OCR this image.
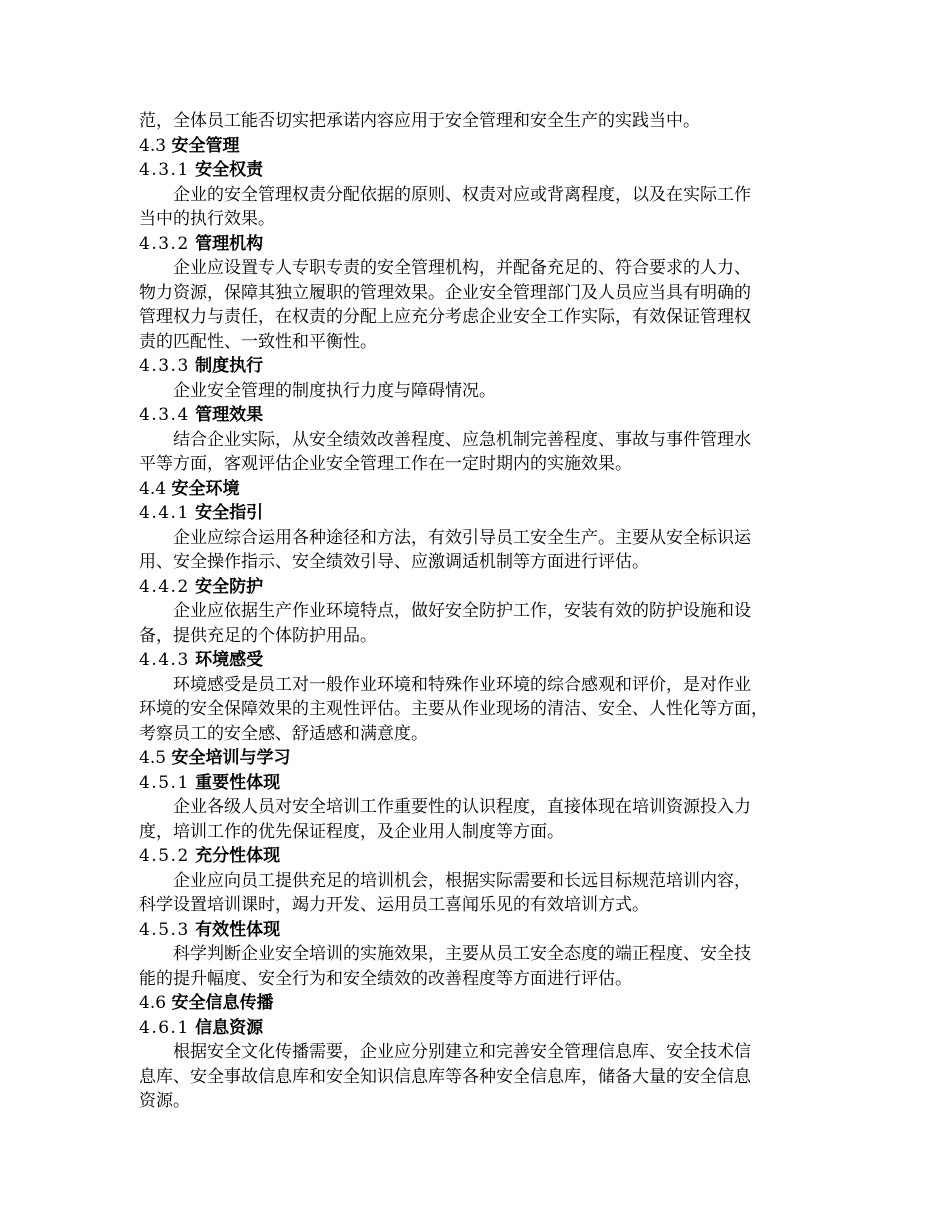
范，全体员工能否切实把承诺内容应用于安全管理和安全生产的实践当中。
4.3 安全管理
4.3.1 安全权责
企业的安全管理权责分配依据的原则、权责对应或背离程度，以及在实际工作
当中的执行效果。
4.3.2 管理机构
企业应设置专人专职专责的安全管理机构，并配备充足的、符合要求的人力、
物力资源，保障其独立履职的管理效果。企业安全管理部门及人员应当具有明确的
管理权力与责任，在权责的分配上应充分考虑企业安全工作实际，有效保证管理权
责的匹配性、一致性和平衡性。
4.3.3 制度执行
企业安全管理的制度执行力度与障碍情况。
4.3.4 管理效果
结合企业实际，从安全绩效改善程度、应急机制完善程度、事故与事件管理水
平等方面，客观评估企业安全管理工作在一定时期内的实施效果。
4.4 安全环境
4.4.1 安全指引
企业应综合运用各种途径和方法，有效引导员工安全生产。主要从安全标识运
用、安全操作指示、安全绩效引导、应激调适机制等方面进行评估。
4.4.2 安全防护
企业应依据生产作业环境特点，做好安全防护工作，安装有效的防护设施和设
备，提供充足的个体防护用品。
4.4.3 环境感受
环境感受是员工对一般作业环境和特殊作业环境的综合感观和评价，是对作业
环境的安全保障效果的主观性评估。主要从作业现场的清洁、安全、人性化等方面，
考察员工的安全感、舒适感和满意度。
4.5 安全培训与学习
4.5.1 重要性体现
企业各级人员对安全培训工作重要性的认识程度，直接体现在培训资源投入力
度，培训工作的优先保证程度，及企业用人制度等方面。
4.5.2 充分性体现
企业应向员工提供充足的培训机会，根据实际需要和长远目标规范培训内容，
科学设置培训课时，竭力开发、运用员工喜闻乐见的有效培训方式。
4.5.3 有效性体现
科学判断企业安全培训的实施效果，主要从员工安全态度的端正程度、安全技
能的提升幅度、安全行为和安全绩效的改善程度等方面进行评估。
4.6 安全信息传播
4.6.1 信息资源
根据安全文化传播需要，企业应分别建立和完善安全管理信息库、安全技术信
息库、安全事故信息库和安全知识信息库等各种安全信息库，储备大量的安全信息
资源。
